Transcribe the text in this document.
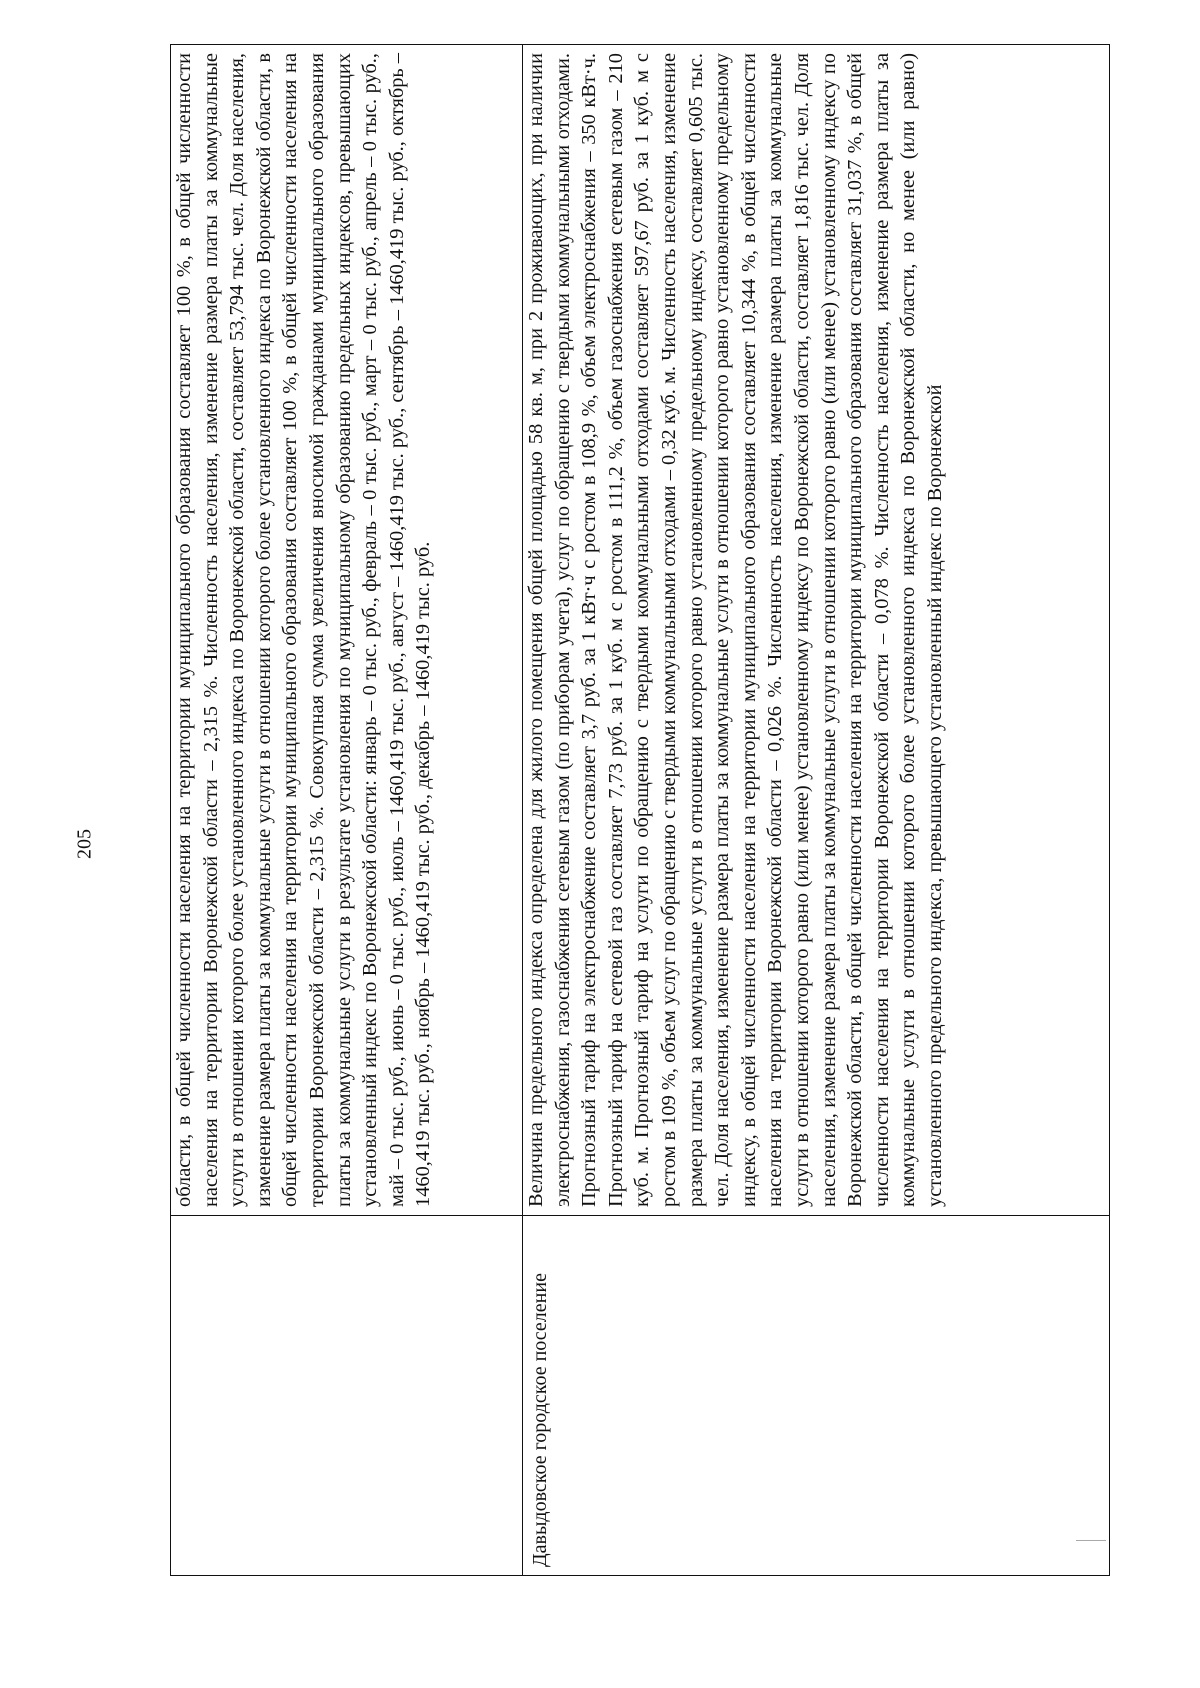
205	области, в общей численности населения на территории муниципального образования составляет 100 %, в общей численности населения на территории Воронежской области – 2,315 %. Численность населения, изменение размера платы за коммунальные услуги в отношении которого более установленного индекса по Воронежской области, составляет 53,794 тыс. чел. Доля населения, изменение размера платы за коммунальные услуги в отношении которого более установленного индекса по Воронежской области, в общей численности населения на территории муниципального образования составляет 100 %, в общей численности населения на территории Воронежской области – 2,315 %. Совокупная сумма увеличения вносимой гражданами муниципального образования платы за коммунальные услуги в результате установления по муниципальному образованию предельных индексов, превышающих установленный индекс по Воронежской области: январь – 0 тыс. руб., февраль – 0 тыс. руб., март – 0 тыс. руб., апрель – 0 тыс. руб., май – 0 тыс. руб., июнь – 0 тыс. руб., июль – 1460,419 тыс. руб., август – 1460,419 тыс. руб., сентябрь – 1460,419 тыс. руб., октябрь – 1460,419 тыс. руб., ноябрь – 1460,419 тыс. руб., декабрь – 1460,419 тыс. руб.

Давыдовское городское поселение

Величина предельного индекса определена для жилого помещения общей площадью 58 кв. м, при 2 проживающих, при наличии электроснабжения, газоснабжения сетевым газом (по приборам учета), услуг по обращению с твердыми коммунальными отходами. Прогнозный тариф на электроснабжение составляет 3,7 руб. за 1 кВт·ч с ростом в 108,9 %, объем электроснабжения – 350 кВт·ч. Прогнозный тариф на сетевой газ составляет 7,73 руб. за 1 куб. м с ростом в 111,2 %, объем газоснабжения сетевым газом – 210 куб. м. Прогнозный тариф на услуги по обращению с твердыми коммунальными отходами составляет 597,67 руб. за 1 куб. м с ростом в 109 %, объем услуг по обращению с твердыми коммунальными отходами – 0,32 куб. м. Численность населения, изменение размера платы за коммунальные услуги в отношении которого равно установленному предельному индексу, составляет 0,605 тыс. чел. Доля населения, изменение размера платы за коммунальные услуги в отношении которого равно установленному предельному индексу, в общей численности населения на территории муниципального образования составляет 10,344 %, в общей численности населения на территории Воронежской области – 0,026 %. Численность населения, изменение размера платы за коммунальные услуги в отношении которого равно (или менее) установленному индексу по Воронежской области, составляет 1,816 тыс. чел. Доля населения, изменение размера платы за коммунальные услуги в отношении которого равно (или менее) установленному индексу по Воронежской области, в общей численности населения на территории муниципального образования составляет 31,037 %, в общей численности населения на территории Воронежской области – 0,078 %. Численность населения, изменение размера платы за коммунальные услуги в отношении которого более установленного индекса по Воронежской области, но менее (или равно) установленного предельного индекса, превышающего установленный индекс по Воронежской
